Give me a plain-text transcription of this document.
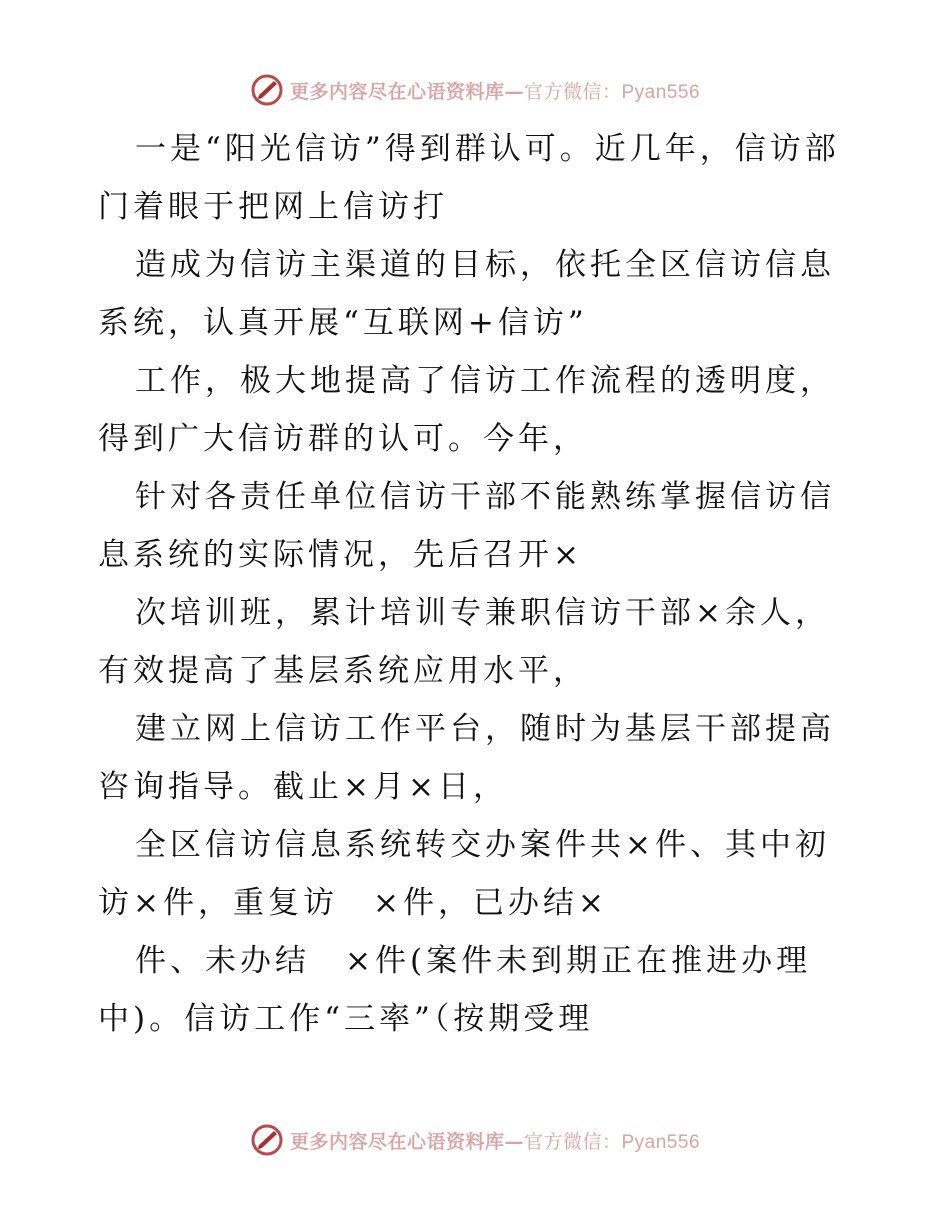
更多内容尽在心语资料库—官方微信：Pyan556

一是“阳光信访”得到群认可。近几年，信访部门着眼于把网上信访打

造成为信访主渠道的目标，依托全区信访信息系统，认真开展“互联网+信访”

工作，极大地提高了信访工作流程的透明度，得到广大信访群的认可。今年，

针对各责任单位信访干部不能熟练掌握信访信息系统的实际情况，先后召开×

次培训班，累计培训专兼职信访干部×余人，有效提高了基层系统应用水平，

建立网上信访工作平台，随时为基层干部提高咨询指导。截止×月×日，

全区信访信息系统转交办案件共×件、其中初访×件，重复访　×件，已办结×

件、未办结　×件(案件未到期正在推进办理中)。信访工作“三率”（按期受理

更多内容尽在心语资料库—官方微信：Pyan556
